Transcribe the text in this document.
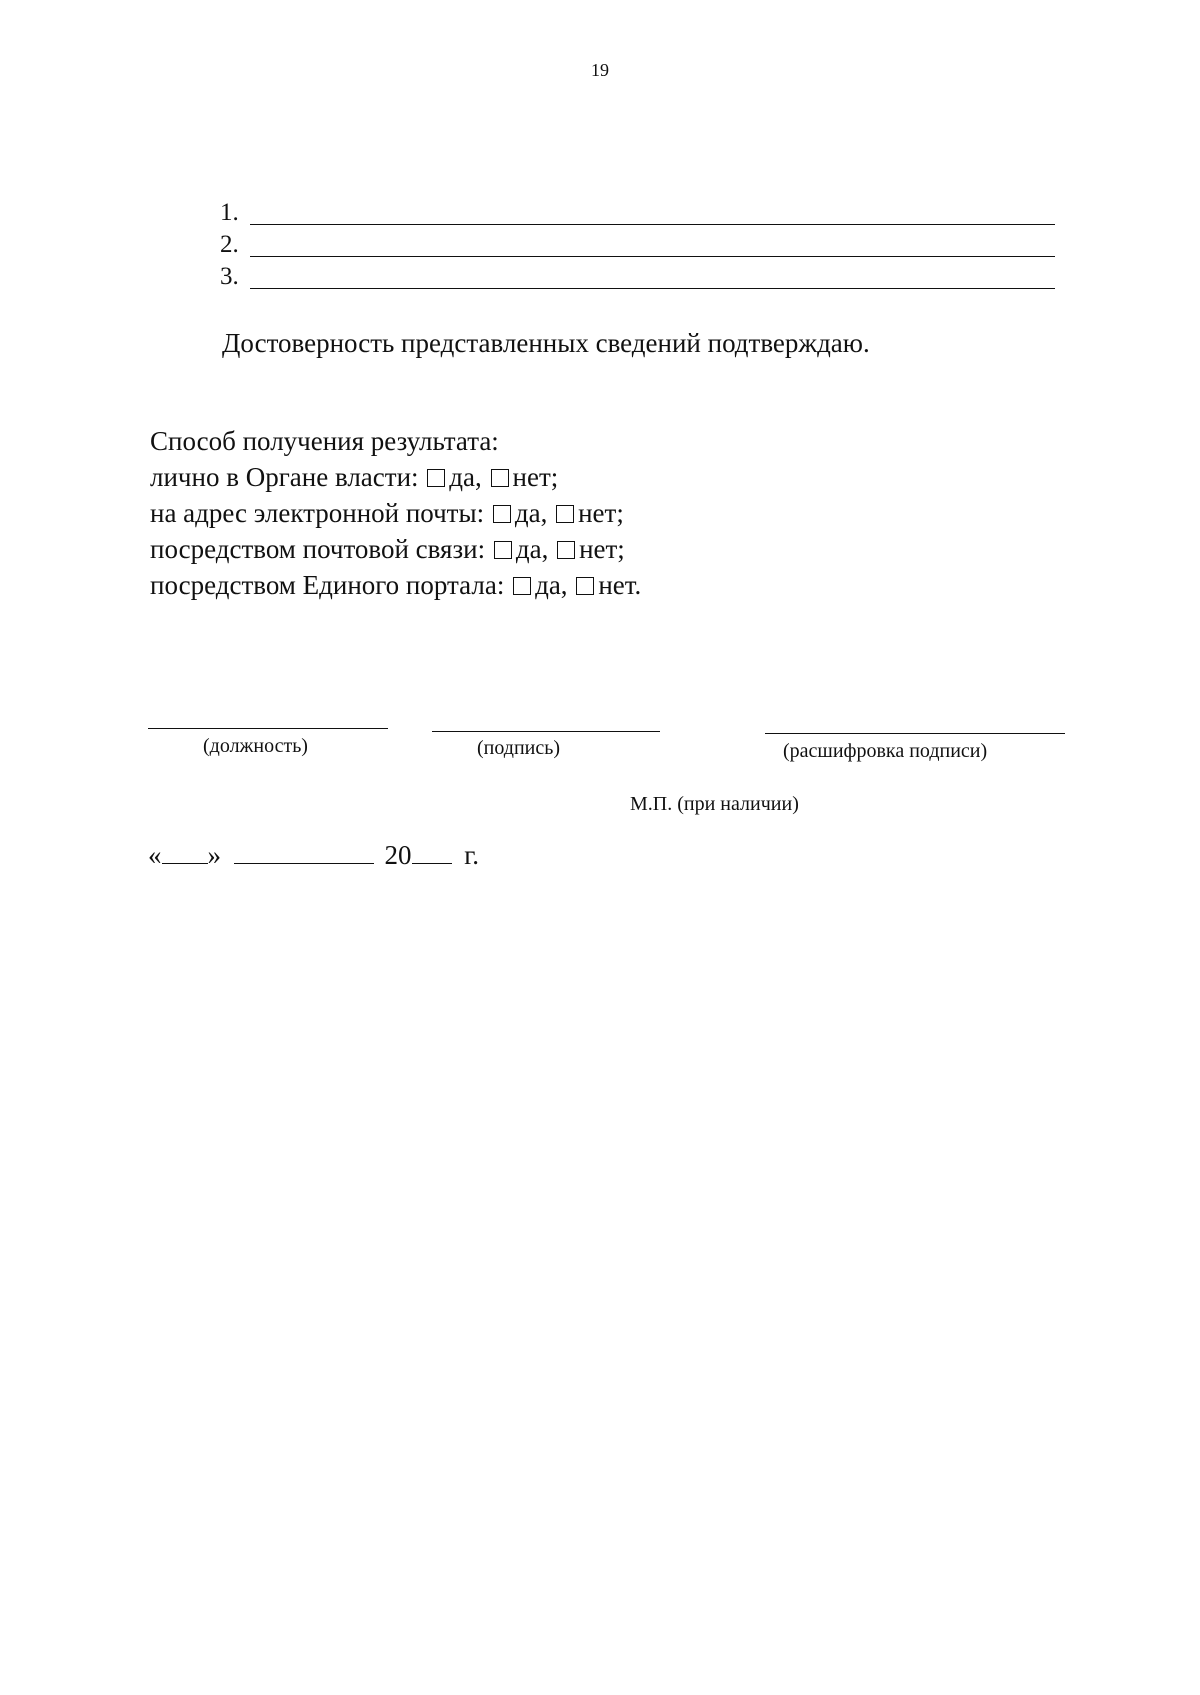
19
1.
2.
3.
Достоверность представленных сведений подтверждаю.
Способ получения результата:
лично в Органе власти: да, нет;
на адрес электронной почты: да, нет;
посредством почтовой связи: да, нет;
посредством Единого портала: да, нет.
(должность)	(подпись)	(расшифровка подписи)
М.П. (при наличии)
« »	20 г.
